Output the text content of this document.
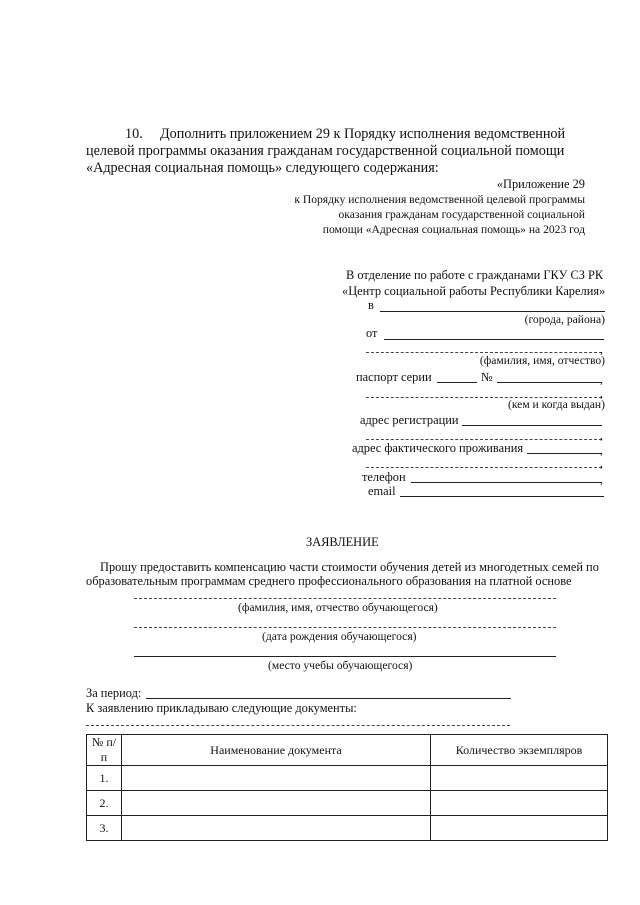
10. Дополнить приложением 29 к Порядку исполнения ведомственной
целевой программы оказания гражданам государственной социальной помощи
«Адресная социальная помощь» следующего содержания:
«Приложение 29
к Порядку исполнения ведомственной целевой программы
оказания гражданам государственной социальной
помощи «Адресная социальная помощь» на 2023 год
В отделение по работе с гражданами ГКУ СЗ РК
«Центр социальной работы Республики Карелия»
в
(города, района)
от
,
(фамилия, имя, отчество)
паспорт серии	№	,
,
(кем и когда выдан)
адрес регистрации
,
адрес фактического проживания	,
,
телефон	,
email
ЗАЯВЛЕНИЕ
Прошу предоставить компенсацию части стоимости обучения детей из многодетных семей по
образовательным программам среднего профессионального образования на платной основе
(фамилия, имя, отчество обучающегося)
(дата рождения обучающегося)
(место учебы обучающегося)
За период:
К заявлению прикладываю следующие документы:
№ п/п	Наименование документа	Количество экземпляров
1.		
2.		
3.		
